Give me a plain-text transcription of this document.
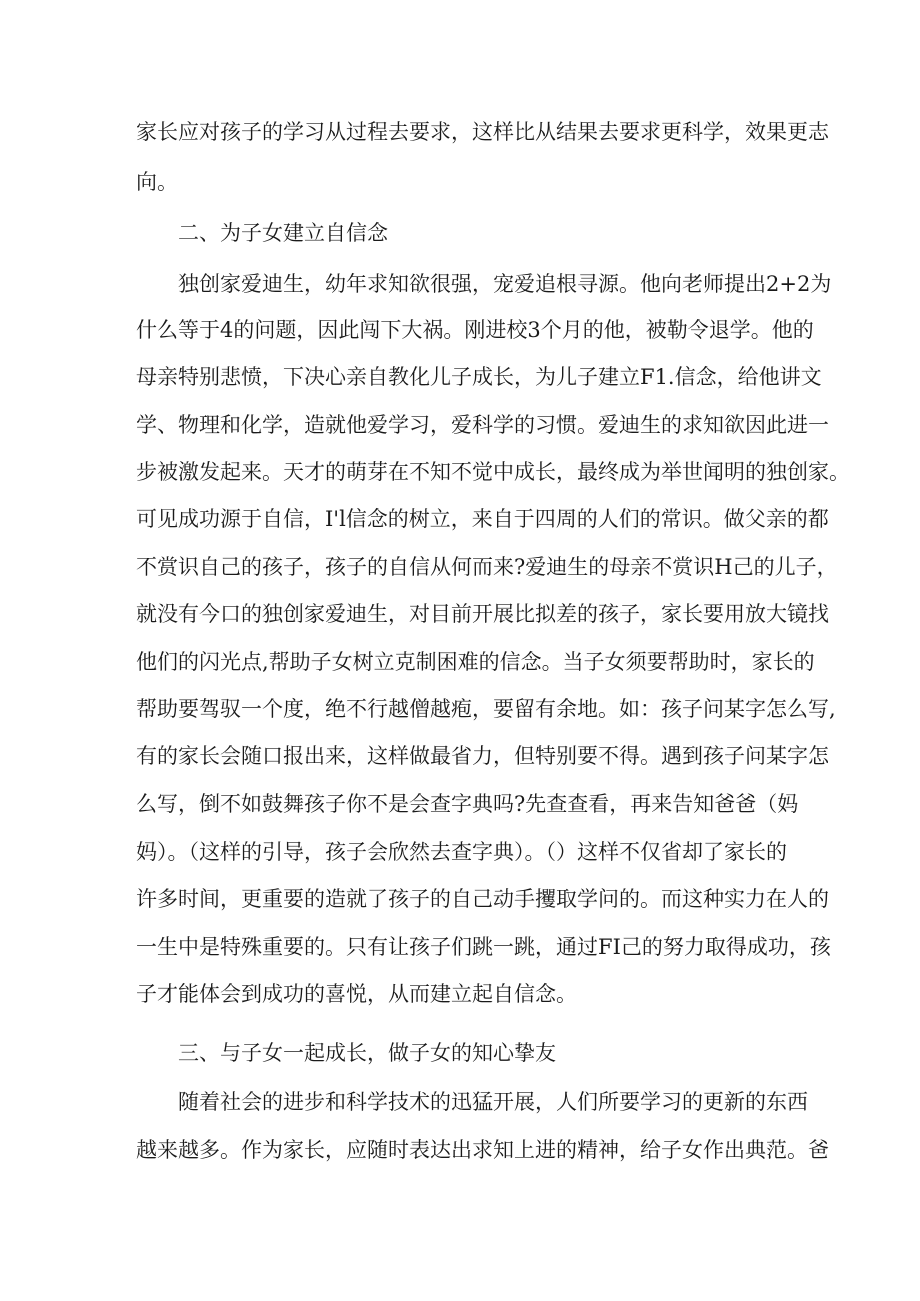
家长应对孩子的学习从过程去要求，这样比从结果去要求更科学，效果更志
向。
二、为子女建立自信念
独创家爱迪生，幼年求知欲很强，宠爱追根寻源。他向老师提出2+2为
什么等于4的问题，因此闯下大祸。刚进校3个月的他，被勒令退学。他的
母亲特别悲愤，下决心亲自教化儿子成长，为儿子建立F1.信念，给他讲文
学、物理和化学，造就他爱学习，爱科学的习惯。爱迪生的求知欲因此进一
步被激发起来。天才的萌芽在不知不觉中成长，最终成为举世闻明的独创家。
可见成功源于自信，I'l信念的树立，来自于四周的人们的常识。做父亲的都
不赏识自己的孩子，孩子的自信从何而来?爱迪生的母亲不赏识H己的儿子，
就没有今口的独创家爱迪生，对目前开展比拟差的孩子，家长要用放大镜找
他们的闪光点,帮助子女树立克制困难的信念。当子女须要帮助时，家长的
帮助要驾驭一个度，绝不行越僧越疱，要留有余地。如：孩子问某字怎么写,
有的家长会随口报出来，这样做最省力，但特别要不得。遇到孩子问某字怎
么写，倒不如鼓舞孩子你不是会查字典吗?先查查看，再来告知爸爸（妈
妈）。（这样的引导，孩子会欣然去查字典）。（）这样不仅省却了家长的
许多时间，更重要的造就了孩子的自己动手攫取学问的。而这种实力在人的
一生中是特殊重要的。只有让孩子们跳一跳，通过FI己的努力取得成功，孩
子才能体会到成功的喜悦，从而建立起自信念。
三、与子女一起成长，做子女的知心挚友
随着社会的进步和科学技术的迅猛开展，人们所要学习的更新的东西
越来越多。作为家长，应随时表达出求知上进的精神，给子女作出典范。爸
